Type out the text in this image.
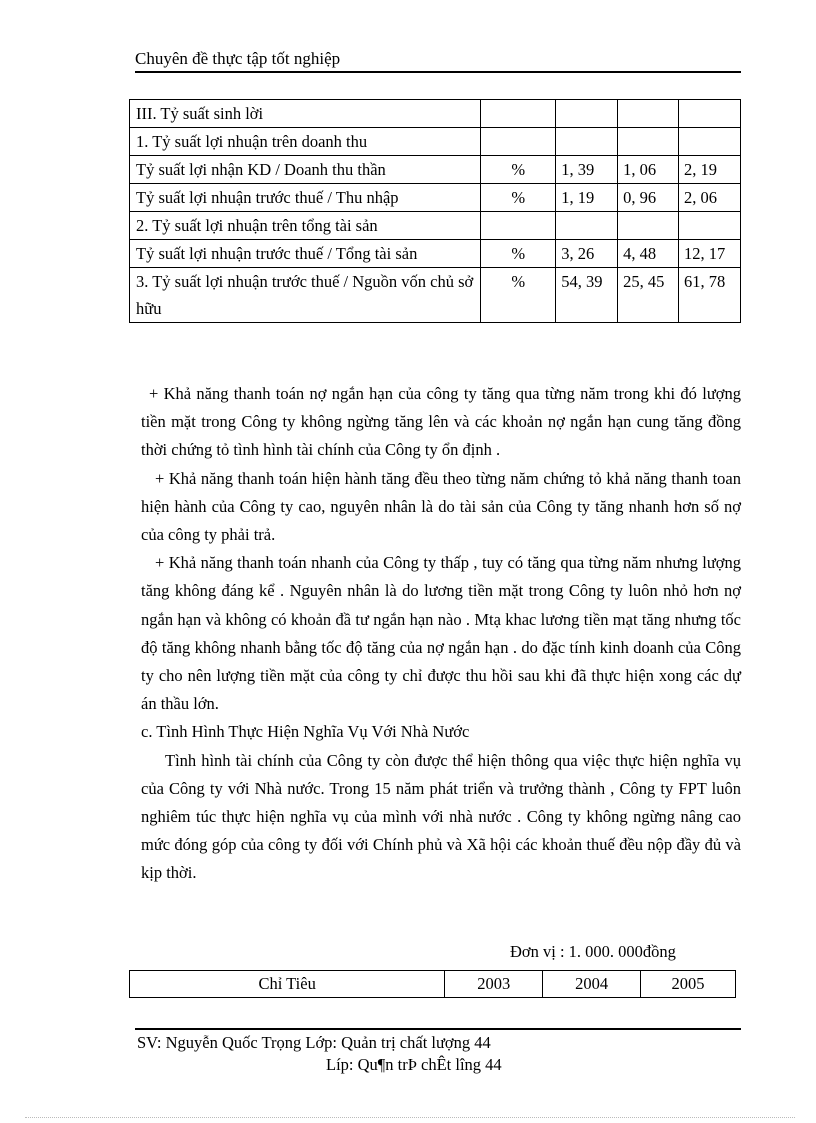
Chuyên đề thực tập tốt nghiệp
III. Tỷ suất sinh lời				
1. Tỷ suất lợi nhuận trên doanh thu				
Tỷ suất lợi nhận KD / Doanh thu thần	%	1, 39	1, 06	2, 19
Tỷ suất lợi nhuận trước thuế / Thu nhập	%	1, 19	0, 96	2, 06
2. Tỷ suất lợi nhuận trên tổng tài sản				
Tỷ suất lợi nhuận trước thuế / Tổng tài sản	%	3, 26	4, 48	12, 17
3. Tỷ suất lợi nhuận trước thuế / Nguồn vốn chủ sở hữu	%	54, 39	25, 45	61, 78

+ Khả năng thanh toán nợ ngắn hạn của công ty tăng qua từng năm trong khi đó lượng tiền mặt trong Công ty không ngừng tăng lên và các khoản nợ ngắn hạn cung tăng đồng thời chứng tỏ tình hình tài chính của Công ty ổn định .

+ Khả năng thanh toán hiện hành tăng đều theo từng năm chứng tỏ khả năng thanh toan hiện hành của Công ty cao, nguyên nhân là do tài sản của Công ty tăng nhanh hơn số nợ của công ty phải trả.

+ Khả năng thanh toán nhanh của Công ty thấp , tuy có tăng qua từng năm nhưng lượng tăng không đáng kể . Nguyên nhân là do lương tiền mặt trong Công ty luôn nhỏ hơn nợ ngắn hạn và không có khoản đầ tư ngắn hạn nào . Mtạ khac lương tiền mạt tăng nhưng tốc độ tăng không nhanh bằng tốc độ tăng của nợ ngắn hạn . do đặc tính kinh doanh của Công ty cho nên lượng tiền mặt của công ty chỉ được thu hồi sau khi đã thực hiện xong các dự án thầu lớn.

c. Tình Hình Thực Hiện Nghĩa Vụ Với Nhà Nước

Tình hình tài chính của Công ty còn được thể hiện thông qua việc thực hiện nghĩa vụ của Công ty với Nhà nước. Trong 15 năm phát triển và trưởng thành , Công ty FPT luôn nghiêm túc thực hiện nghĩa vụ của mình với nhà nước . Công ty không ngừng nâng cao mức đóng góp của công ty đối với Chính phủ và Xã hội các khoản thuế đều nộp đầy đủ và kịp thời.

Đơn vị : 1. 000. 000đồng
Chỉ Tiêu	2003	2004	2005
SV: Nguyễn Quốc Trọng Lớp: Quản trị chất lượng 44
Líp: Qu¶n trÞ chÊt lîng 44
